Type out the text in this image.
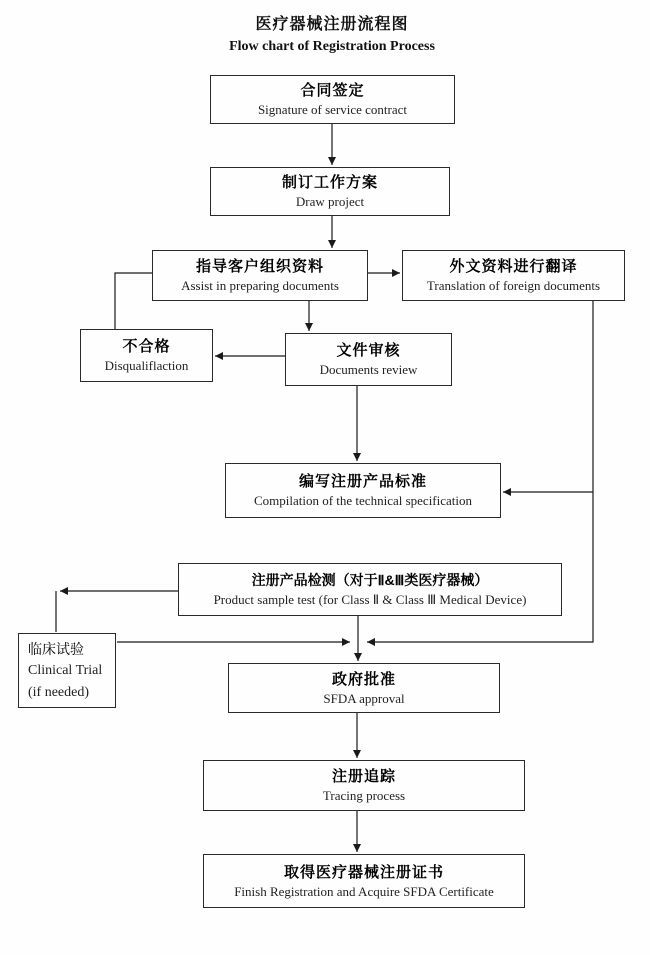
医疗器械注册流程图
Flow chart of Registration Process
合同签定
Signature of service contract
制订工作方案
Draw project
指导客户组织资料
Assist in preparing documents
外文资料进行翻译
Translation of foreign documents
不合格
Disqualiflaction
文件审核
Documents review
编写注册产品标准
Compilation of the technical specification
注册产品检测（对于Ⅱ&Ⅲ类医疗器械）
Product sample test (for Class Ⅱ & Class Ⅲ Medical Device)
临床试验
Clinical Trial
(if needed)
政府批准
SFDA approval
注册追踪
Tracing process
取得医疗器械注册证书
Finish Registration and Acquire SFDA Certificate
